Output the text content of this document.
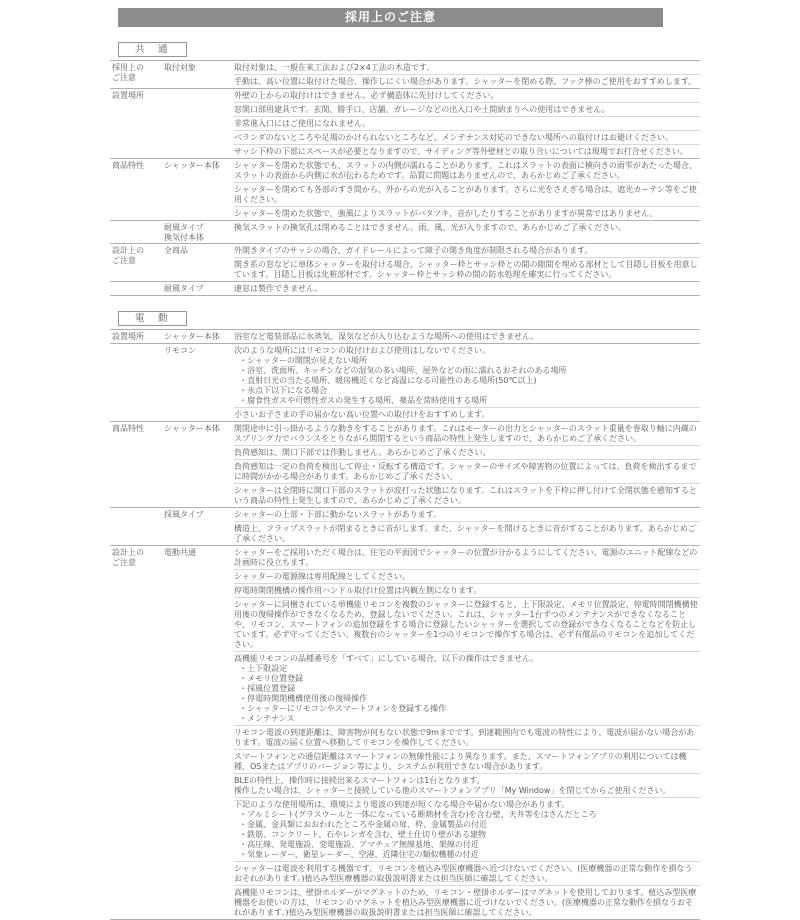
採用上のご注意
共　通
採用上の
ご注意
取付対象	取付対象は、一般在来工法および2×4工法の木造です。
手動は、高い位置に取付けた場合、操作しにくい場合があります。シャッターを閉める際、フック棒のご使用をおすすめします。
設置場所	外壁の上からの取付けはできません。必ず構造体に先付けしてください。
窓開口部用建具です。玄関、勝手口、店舗、ガレージなどの出入口や土間納まりへの使用はできません。
非常進入口にはご使用になれません。
ベランダのないところや足場のかけられないところなど、メンテナンス対応のできない場所への取付けはお避けください。
サッシ下枠の下部にスペースが必要となりますので、サイディング等外壁材との取り合いについては現場でお打合せください。
商品特性	シャッター本体	シャッターを閉めた状態でも、スラットの内側が濡れることがあります。これはスラットの表面に横向きの雨雫があたった場合、スラットの表面から内側に水が伝わるためです。品質に問題はありませんので、あらかじめご了承ください。
シャッターを閉めても各部のすき間から、外からの光が入ることがあります。さらに光をさえぎる場合は、遮光カーテン等をご使用ください。
シャッターを閉めた状態で、強風によりスラットがバタツキ、音がしたりすることがありますが異常ではありません。
耐風タイプ
換気付本体
換気スラットの換気孔は閉めることはできません。雨、風、光が入りますので、あらかじめご了承ください。
設計上の
ご注意
全商品	外開きタイプのサッシの場合、ガイドレールによって障子の開き角度が制限される場合があります。
開き系の窓などに単体シャッターを取付ける場合、シャッター枠とサッシ枠との間の隙間を埋める部材として目隠し目板を用意しています。目隠し目板は化粧部材です。シャッター枠とサッシ枠の間の防水処理を確実に行ってください。
耐風タイプ	連窓は製作できません。
電　動
設置場所	シャッター本体	浴室など電装部品に水蒸気、湿気などが入り込むような場所への使用はできません。
リモコン	次のような場所にはリモコンの取付けおよび使用はしないでください。
・シャッターの開閉が見えない場所
・浴室、洗面所、キッチンなどの湿気の多い場所、屋外などの雨に濡れるおそれのある場所
・直射日光の当たる場所、暖房機近くなど高温になる可能性のある場所(50℃以上)
・氷点下以下になる場合
・腐食性ガスや可燃性ガスの発生する場所、薬品を常時使用する場所
小さいお子さまの手の届かない高い位置への取付けをおすすめします。
商品特性	シャッター本体	開閉途中に引っ掛かるような動きをすることがあります。これはモーターの出力とシャッターのスラット重量を巻取り軸に内蔵のスプリング力でバランスをとりながら開閉するという商品の特性上発生しますので、あらかじめご了承ください。
負荷感知は、開口下部では作動しません。あらかじめご了承ください。
負荷感知は一定の負荷を検出して停止・反転する構造です。シャッターのサイズや障害物の位置によっては、負荷を検出するまでに時間がかかる場合があります。あらかじめご了承ください。
シャッターは全閉時に開口下部のスラットが波打った状態になります。これはスラットを下枠に押し付けて全閉状態を感知するという商品の特性上発生しますので、あらかじめご了承ください。
採風タイプ	シャッターの上部・下部に動かないスラットがあります。
構造上、フラップスラットが閉まるときに音がします。また、シャッターを開けるときに音がすることがあります。あらかじめご了承ください。
設計上の
ご注意
電動共通	シャッターをご採用いただく場合は、住宅の平面図でシャッターの位置が分かるようにしてください。電源のユニット配線などの計画時に役立ちます。
シャッターの電源線は専用配線としてください。
停電時開閉機構の操作用ハンドル取付け位置は内観左側になります。
シャッターに同梱されている単機能リモコンを複数のシャッターに登録すると、上下限設定、メモリ位置設定、停電時開閉機構使用後の復帰操作ができなくなるため、登録しないでください。これは、シャッター1台ずつのメンテナンスができなくなることや、リモコン、スマートフォンの追加登録をする場合に登録したいシャッターを選択しての登録ができなくなることなどを防止しています。必ず守ってください。複数台のシャッターを1つのリモコンで操作する場合は、必ず有償品のリモコンを追加してください。
高機能リモコンの品種番号を「すべて」にしている場合、以下の操作はできません。
・上下限設定
・メモリ位置登録
・採風位置登録
・停電時開閉機構使用後の復帰操作
・シャッターにリモコンやスマートフォンを登録する操作
・メンテナンス
リモコン電波の到達距離は、障害物が何もない状態で9mまでです。到達範囲内でも電波の特性により、電波が届かない場合があります。電波の届く位置へ移動してリモコンを操作してください。
スマートフォンとの通信距離はスマートフォンの無線性能により異なります。また、スマートフォンアプリの利用については機種、OSまたはアプリのバージョン等により、システムが利用できない場合があります。
BLEの特性上、操作時に接続出来るスマートフォンは1台となります。
操作したい場合は、シャッターと接続している他のスマートフォンアプリ「My Window」を閉じてからご使用ください。
下記のような使用場所は、環境により電波の到達が短くなる場合や届かない場合があります。
・アルミシート(グラスウールと一体になっている断熱材を含む)を含む壁、天井等をはさんだところ
・金属、金具類におおわれたところや金属の扉、枠、金属製品の付近
・鉄筋、コンクリート、石やレンガを含む、壁土仕切り壁がある建物
・高圧線、発電施設、変電施設、アマチュア無線基地、架線の付近
・気象レーダー、衛星レーダー、空港、近隣住宅の類似機種の付近
シャッターは電波を利用する機器です。リモコンを植込み型医療機器へ近づけないでください。(医療機器の正常な動作を損なうおそれがあります。)植込み型医療機器の取扱説明書または担当医師に確認してください。
高機能リモコンは、壁掛ホルダーがマグネットのため、リモコン・壁掛ホルダーはマグネットを使用しております。植込み型医療機器をお使いの方は、リモコンのマグネットを植込み型医療機器に近づけないでください。(医療機器の正常な動作を損なうおそれがあります。)植込み型医療機器の取扱説明書または担当医師に確認してください。
